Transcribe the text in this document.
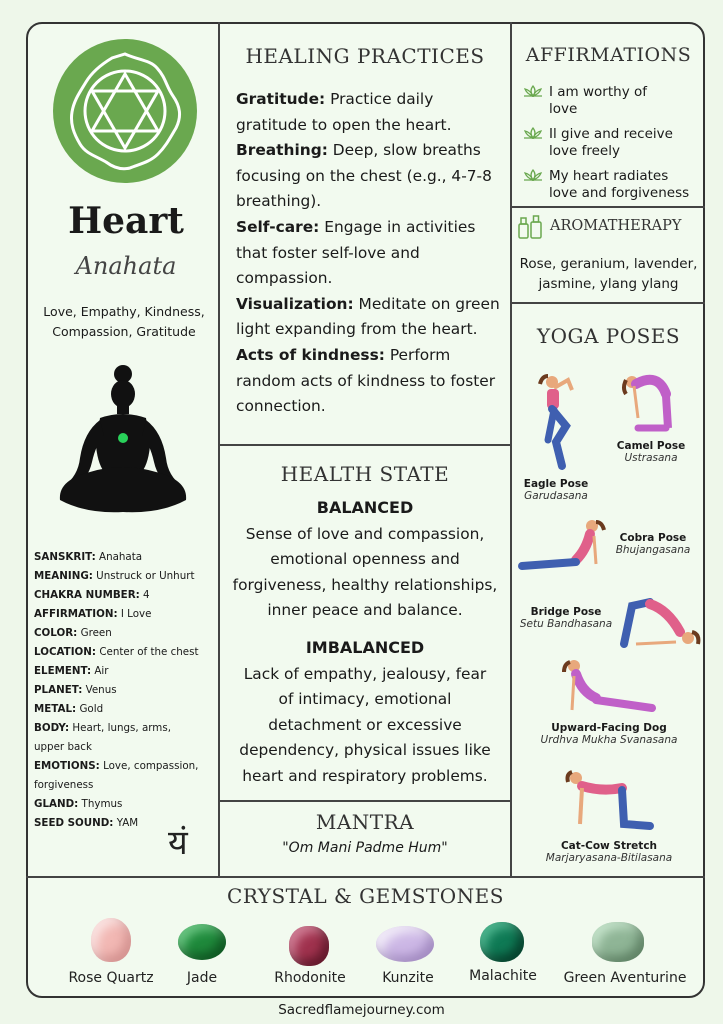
Heart
Anahata
Love, Empathy, Kindness,
Compassion, Gratitude
SANSKRIT: Anahata
MEANING: Unstruck or Unhurt
CHAKRA NUMBER: 4
AFFIRMATION: I Love
COLOR: Green
LOCATION: Center of the chest
ELEMENT: Air
PLANET: Venus
METAL: Gold
BODY: Heart, lungs, arms,
upper back
EMOTIONS: Love, compassion,
forgiveness
GLAND: Thymus
SEED SOUND: YAM यं
HEALING PRACTICES
Gratitude: Practice daily gratitude to open the heart.
Breathing: Deep, slow breaths focusing on the chest (e.g., 4-7-8 breathing).
Self-care: Engage in activities that foster self-love and compassion.
Visualization: Meditate on green light expanding from the heart.
Acts of kindness: Perform random acts of kindness to foster connection.
HEALTH STATE
BALANCED
Sense of love and compassion,
emotional openness and
forgiveness, healthy relationships,
inner peace and balance.
IMBALANCED
Lack of empathy, jealousy, fear
of intimacy, emotional
detachment or excessive
dependency, physical issues like
heart and respiratory problems.
MANTRA
"Om Mani Padme Hum"
AFFIRMATIONS
I am worthy of
love
Il give and receive
love freely
My heart radiates
love and forgiveness
AROMATHERAPY
Rose, geranium, lavender,
jasmine, ylang ylang
YOGA POSES
Eagle Pose
Garudasana
Camel Pose
Ustrasana
Cobra Pose
Bhujangasana
Bridge Pose
Setu Bandhasana
Upward-Facing Dog
Urdhva Mukha Svanasana
Cat-Cow Stretch
Marjaryasana-Bitilasana
CRYSTAL & GEMSTONES
Rose Quartz	Jade	Rhodonite	Kunzite	Malachite	Green Aventurine
Sacredflamejourney.com
